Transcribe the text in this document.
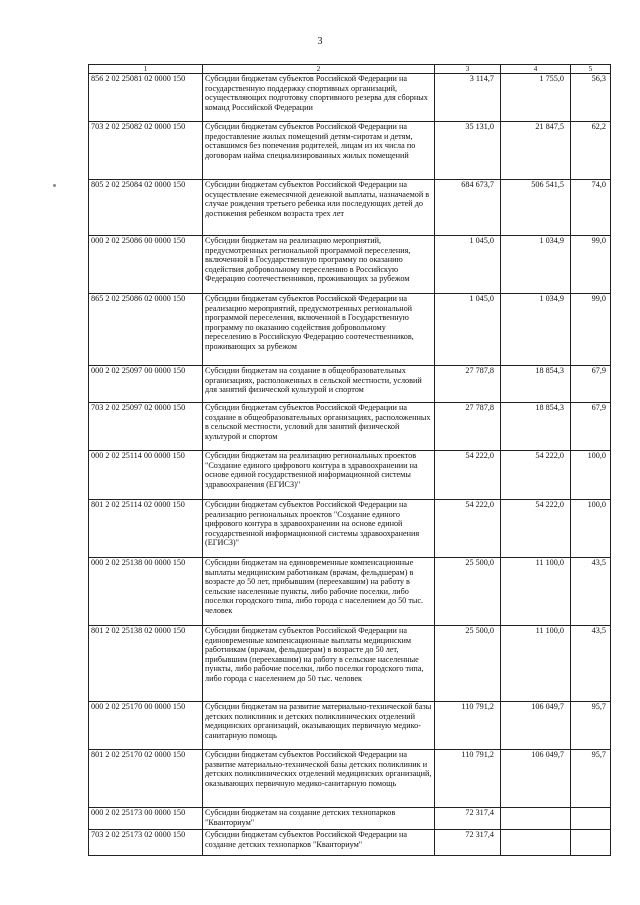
3
1	2	3	4	5
856 2 02 25081 02 0000 150	Субсидии бюджетам субъектов Российской Федерации на государственную поддержку спортивных организаций, осуществляющих подготовку спортивного резерва для сборных команд Российской Федерации	3 114,7	1 755,0	56,3
703 2 02 25082 02 0000 150	Субсидии бюджетам субъектов Российской Федерации на предоставление жилых помещений детям-сиротам и детям, оставшимся без попечения родителей, лицам из их числа по договорам найма специализированных жилых помещений	35 131,0	21 847,5	62,2
805 2 02 25084 02 0000 150	Субсидии бюджетам субъектов Российской Федерации на осуществление ежемесячной денежной выплаты, назначаемой в случае рождения третьего ребенка или последующих детей до достижения ребенком возраста трех лет	684 673,7	506 541,5	74,0
000 2 02 25086 00 0000 150	Субсидии бюджетам на реализацию мероприятий, предусмотренных региональной программой переселения, включенной в Государственную программу по оказанию содействия добровольному переселению в Российскую Федерацию соотечественников, проживающих за рубежом	1 045,0	1 034,9	99,0
865 2 02 25086 02 0000 150	Субсидии бюджетам субъектов Российской Федерации на реализацию мероприятий, предусмотренных региональной программой переселения, включенной в Государственную программу по оказанию содействия добровольному переселению в Российскую Федерацию соотечественников, проживающих за рубежом	1 045,0	1 034,9	99,0
000 2 02 25097 00 0000 150	Субсидии бюджетам на создание в общеобразовательных организациях, расположенных в сельской местности, условий для занятий физической культурой и спортом	27 787,8	18 854,3	67,9
703 2 02 25097 02 0000 150	Субсидии бюджетам субъектов Российской Федерации на создание в общеобразовательных организациях, расположенных в сельской местности, условий для занятий физической культурой и спортом	27 787,8	18 854,3	67,9
000 2 02 25114 00 0000 150	Субсидии бюджетам на реализацию региональных проектов "Создание единого цифрового контура в здравоохранении на основе единой государственной информационной системы здравоохранения (ЕГИСЗ)"	54 222,0	54 222,0	100,0
801 2 02 25114 02 0000 150	Субсидии бюджетам субъектов Российской Федерации на реализацию региональных проектов "Создание единого цифрового контура в здравоохранении на основе единой государственной информационной системы здравоохранения (ЕГИСЗ)"	54 222,0	54 222,0	100,0
000 2 02 25138 00 0000 150	Субсидии бюджетам на единовременные компенсационные выплаты медицинским работникам (врачам, фельдшерам) в возрасте до 50 лет, прибывшим (переехавшим) на работу в сельские населенные пункты, либо рабочие поселки, либо поселки городского типа, либо города с населением до 50 тыс. человек	25 500,0	11 100,0	43,5
801 2 02 25138 02 0000 150	Субсидии бюджетам субъектов Российской Федерации на единовременные компенсационные выплаты медицинским работникам (врачам, фельдшерам) в возрасте до 50 лет, прибывшим (переехавшим) на работу в сельские населенные пункты, либо рабочие поселки, либо поселки городского типа, либо города с населением до 50 тыс. человек	25 500,0	11 100,0	43,5
000 2 02 25170 00 0000 150	Субсидии бюджетам на развитие материально-технической базы детских поликлиник и детских поликлинических отделений медицинских организаций, оказывающих первичную медико-санитарную помощь	110 791,2	106 049,7	95,7
801 2 02 25170 02 0000 150	Субсидии бюджетам субъектов Российской Федерации на развитие материально-технической базы детских поликлиник и детских поликлинических отделений медицинских организаций, оказывающих первичную медико-санитарную помощь	110 791,2	106 049,7	95,7
000 2 02 25173 00 0000 150	Субсидии бюджетам на создание детских технопарков "Кванториум"	72 317,4		
703 2 02 25173 02 0000 150	Субсидии бюджетам субъектов Российской Федерации на создание детских технопарков "Кванториум"	72 317,4		
